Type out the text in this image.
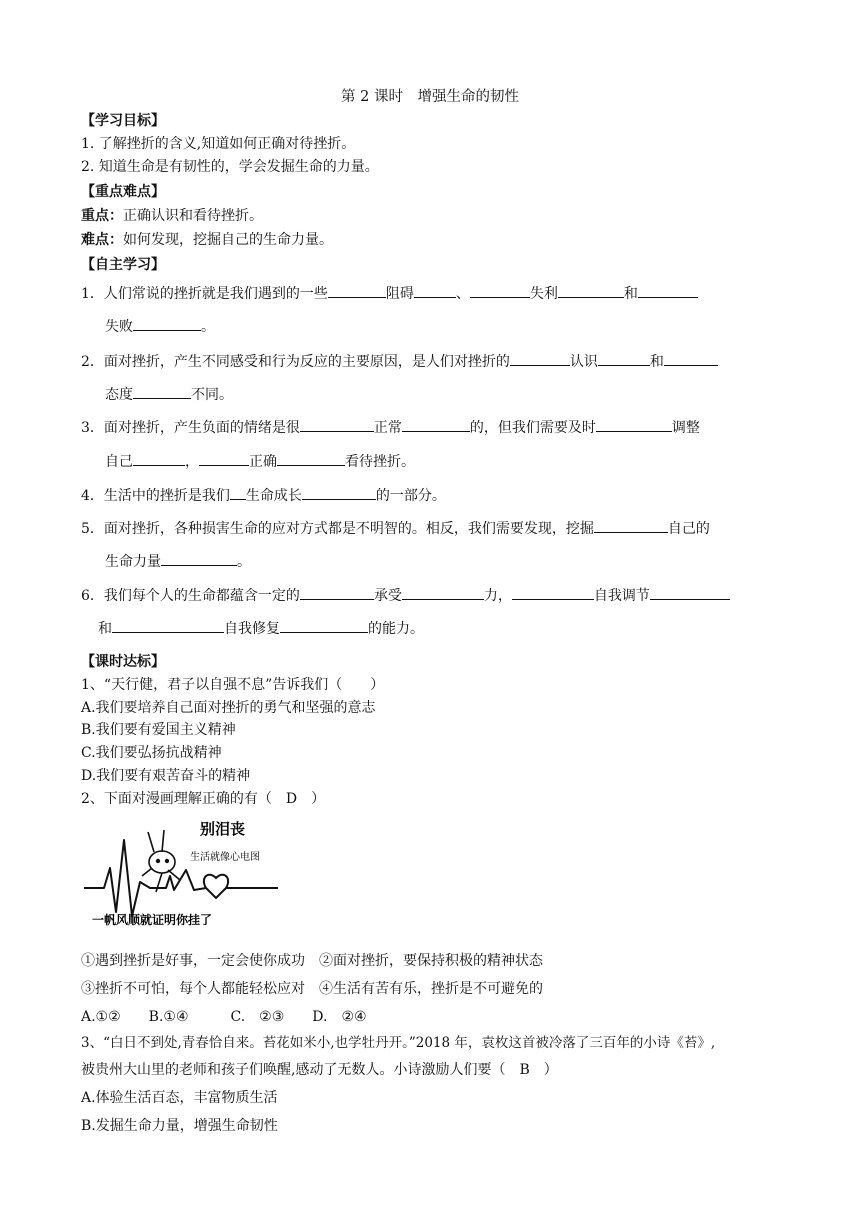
第 2 课时　增强生命的韧性
【学习目标】
1. 了解挫折的含义,知道如何正确对待挫折。
2. 知道生命是有韧性的，学会发掘生命的力量。
【重点难点】
重点：正确认识和看待挫折。
难点：如何发现，挖掘自己的生命力量。
【自主学习】
1．人们常说的挫折就是我们遇到的一些	阻碍	、	失利	和
失败	。
2．面对挫折，产生不同感受和行为反应的主要原因，是人们对挫折的	认识	和
态度	不同。
3．面对挫折，产生负面的情绪是很	正常	的，但我们需要及时	调整
自己	，	正确	看待挫折。
4．生活中的挫折是我们 生命成长	的一部分。
5．面对挫折，各种损害生命的应对方式都是不明智的。相反，我们需要发现，挖掘	自己的
生命力量	。
6．我们每个人的生命都蕴含一定的	承受	力，	自我调节
和	自我修复	的能力。
【课时达标】
1、“天行健，君子以自强不息”告诉我们（　　）
A.我们要培养自己面对挫折的勇气和坚强的意志
B.我们要有爱国主义精神
C.我们要弘扬抗战精神
D.我们要有艰苦奋斗的精神
2、下面对漫画理解正确的有（　D　）
别泪丧
生活就像心电图
一帆风顺就证明你挂了
①遇到挫折是好事，一定会使你成功　②面对挫折，要保持积极的精神状态
③挫折不可怕，每个人都能轻松应对　④生活有苦有乐，挫折是不可避免的
A.①②　　B.①④　　　C.　②③　　D.　②④
3、“白日不到处,青春恰自来。苔花如米小,也学牡丹开。”2018 年，袁枚这首被冷落了三百年的小诗《苔》,
被贵州大山里的老师和孩子们唤醒,感动了无数人。小诗激励人们要（　B　）
A.体验生活百态，丰富物质生活
B.发掘生命力量，增强生命韧性
